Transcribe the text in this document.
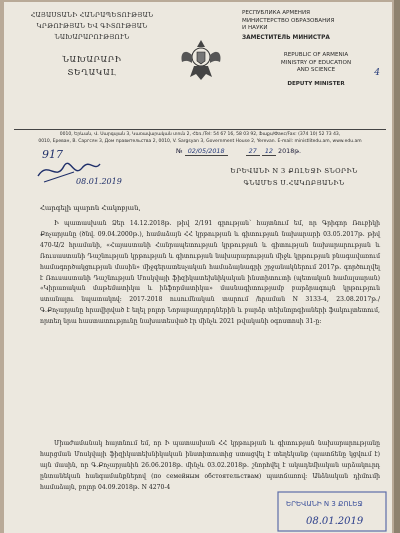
ՀԱՅԱՍՏԱՆԻ ՀԱՆՐԱՊԵՏՈՒԹՅԱՆ
ԿՐԹՈՒԹՅԱՆ ԵՎ ԳԻՏՈՒԹՅԱՆ
ՆԱԽԱՐԱՐՈՒԹՅՈՒՆ
ՆԱԽԱՐԱՐԻ
ՏԵՂԱԿԱԼ
РЕСПУБЛИКА АРМЕНИЯ
МИНИСТЕРСТВО ОБРАЗОВАНИЯ
И НАУКИ
ЗАМЕСТИТЕЛЬ МИНИСТРА
REPUBLIC OF ARMENIA
MINISTRY OF EDUCATION
AND SCIENCE
DEPUTY MINISTER
4
0010, Երևան, Վ. Սարգսյան 3, Կառավարական տուն 2, Հեռ./Tel: 54 67 16, 58 03 92, Ֆաքս/Факс/Fax: (374 10) 52 73 43,
0010, Ереван, В. Саргсян 3, Дом правительства 2, 0010, V. Sargsyan 3, Government House 2, Yerevan. E-mail: ministlitedu.am, www.edu.am
917
08.01.2019
№ 02/05/2018	27 12 2018թ.
ԵՐԵՎԱՆԻ N 3 ՔՈԼԵՋԻ ՏՆՕՐԻՆ
ԳՆԱՄԵՏ Ս.ՀԱԿՈԲՅԱՆԻՆ
Հարգելի պարոն Հակոբյան,
Ի պատասխան Ձեր 14.12.2018թ. թիվ 2/191 գրության՝ հայտնում եմ, որ Գրիգոր Ռուբիկի Քոչարյանը (ծնվ. 09.04.2000թ.), համաձայն ՀՀ կրթության և գիտության նախարարի 03.05.2017թ. թիվ 470-Ա/2 հրամանի, «Հայաստանի Հանրապետության կրթության և գիտության նախարարության և Ռուսաստանի Դաշնության կրթության և գիտության նախարարության միջև կրթության բնագավառում համագործակցության մասին» միջգերատեսչական համաձայնագրի շրջանակներում 2017թ. գործուղվել է Ռուսաստանի Դաշնության Մոսկվայի ֆիզիկատեխնիկական ինստիտուտի (պետական համալսարան) «Կիրառական մաթեմատիկա և ինֆորմատիկա» մասնագիտությամբ բարձրագույն կրթություն ստանալու նպատակով: 2017-2018 ուսումնական տարում /հրաման N 3133-4, 23.08.2017թ./ Գ.Քոչարյանը հրավիրված է եղել բոլոր Նորաբաղդորդներին և բարձր տեխնոլոգիաների ֆակուլտետում, որտեղ նրա հաստատությունը նախատեսված էր մինչև 2021 թվականի օգոստոսի 31-ը:
Միաժամանակ հայտնում եմ, որ Ի պատասխան ՀՀ կրթության և գիտության նախարարությանը հարցման Մոսկվայի ֆիզիկատեխնիկական ինստիտուտից ստացվել է տեղեկանք (պատճենը կցվում է) այն մասին, որ Գ.Քոչարյանին 26.06.2018թ. մինչև 03.02.2018թ. շնորհվել է ակադեմիական արձակուրդ ընտանեկան հանգամանքներով (по семейным обстоятельствам) պատճառով: Անձնական դիմումի համաձայն, բոլոր 04.09.2018թ. N 4270-4
ԵՐԵՎԱՆԻ N 3 ՔՈԼԵՋ
08.01.2019
